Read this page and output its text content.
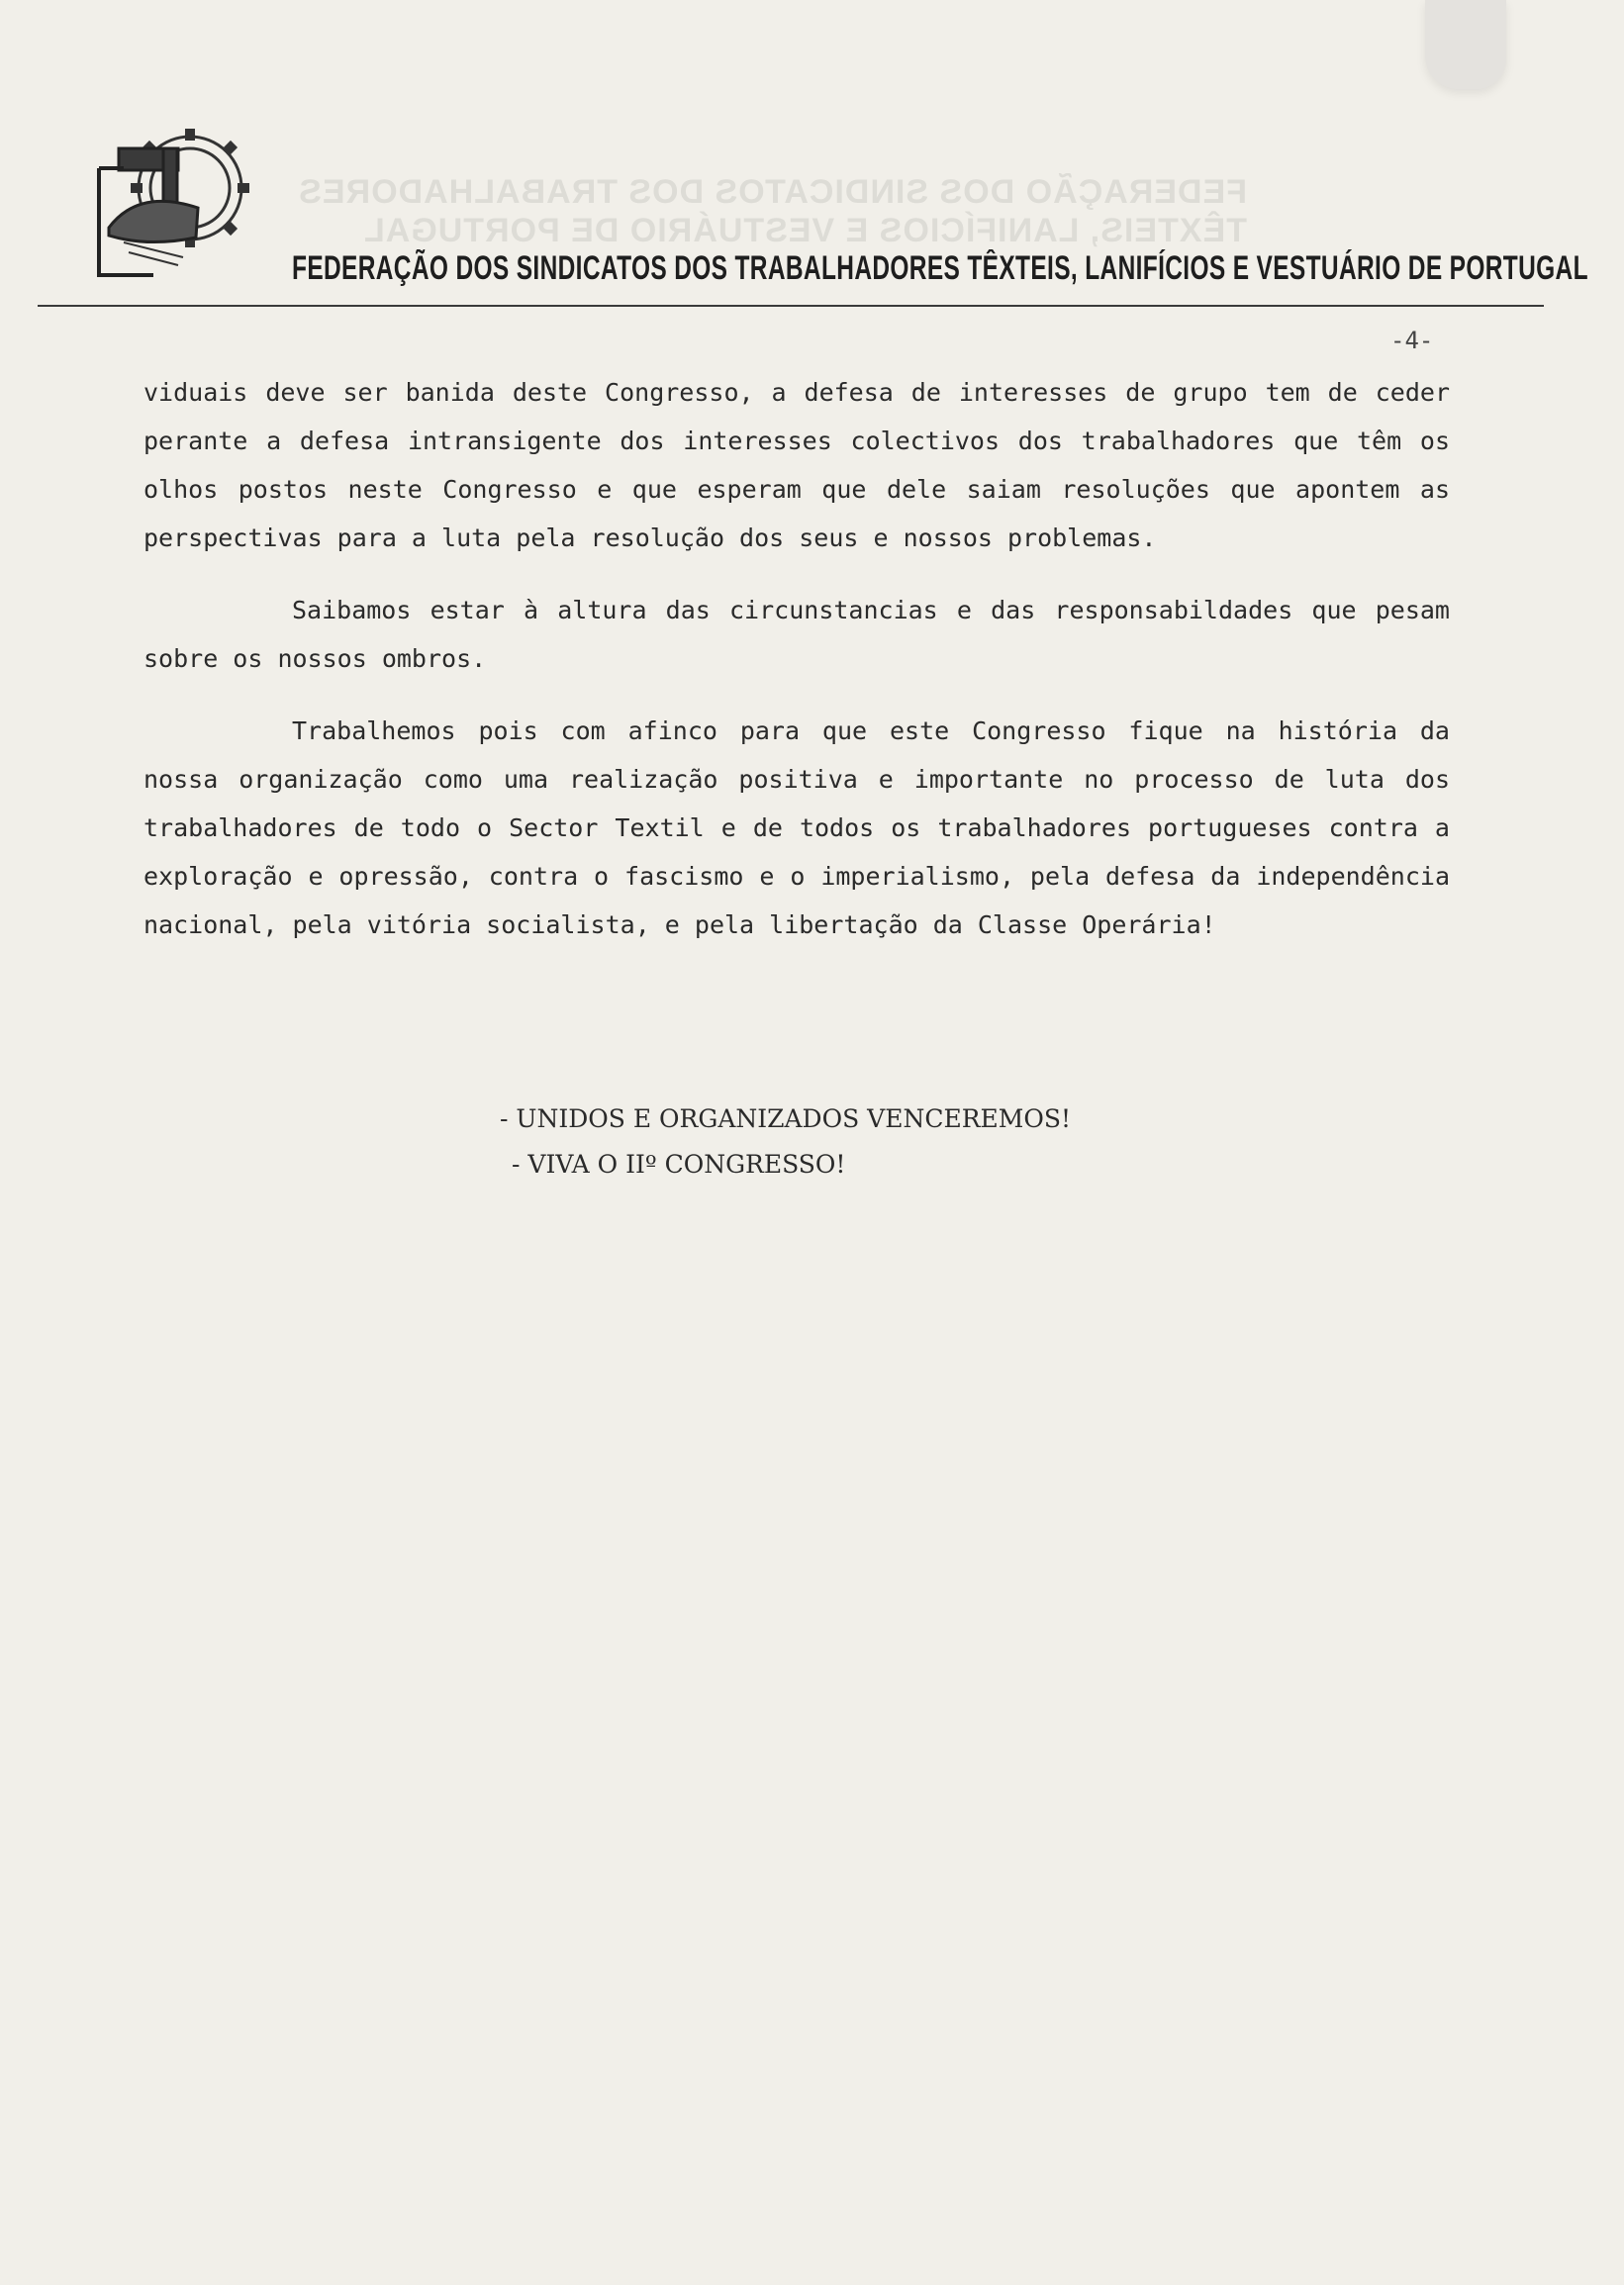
FEDERAÇÃO DOS SINDICATOS DOS TRABALHADORES TÊXTEIS, LANIFÍCIOS E VESTUÁRIO DE PORTUGAL
FEDERAÇÃO DOS SINDICATOS DOS TRABALHADORES TÊXTEIS, LANIFÍCIOS E VESTUÁRIO DE PORTUGAL
-4-

viduais deve ser banida deste Congresso, a defesa de interesses de grupo tem de ceder perante a defesa intransigente dos interesses colectivos dos trabalhadores que têm os olhos postos neste Congresso e que esperam que dele saiam resoluções que apontem as perspectivas para a luta pela resolução dos seus e nossos problemas.

Saibamos estar à altura das circunstancias e das responsabildades que pesam sobre os nossos ombros.

Trabalhemos pois com afinco para que este Congresso fique na história da nossa organização como uma realização positiva e importante no processo de luta dos trabalhadores de todo o Sector Textil e de todos os trabalhadores portugueses contra a exploração e opressão, contra o fascismo e o imperialismo, pela defesa da independência nacional, pela vitória socialista, e pela libertação da Classe Operária!

- UNIDOS E ORGANIZADOS VENCEREMOS!
- VIVA O IIº CONGRESSO!
